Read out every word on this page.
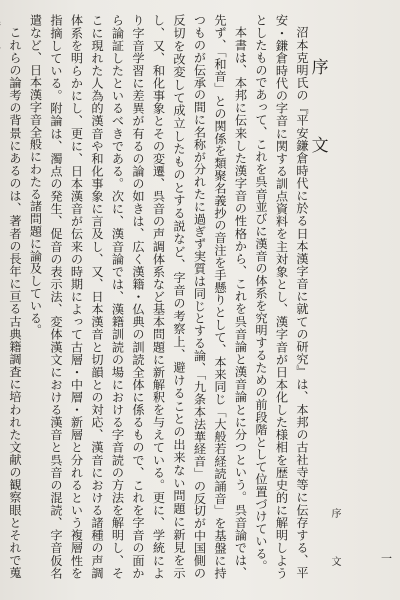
序　文

沼本克明氏の『平安鎌倉時代に於る日本漢字音に就ての研究』は、本邦の古社寺等に伝存する、平安・鎌倉時代の字音に関する訓点資料を主対象とし、漢字音が日本化した様相を歴史的に解明しようとしたものであって、これを呉音並びに漢音の体系を究明するための前段階として位置づけている。

本書は、本邦に伝来した漢字音の性格から、これを呉音論と漢音論とに分つという。呉音論では、先ず、「和音」との関係を類聚名義抄の音注を手懸りとして、本来同じ「大般若経読誦音」を基盤に持つものが伝承の間に名称が分れたに過ぎず実質は同じとする論、「九条本法華経音」の反切が中国側の反切を改変して成立したものとする説など、字音の考察上、避けることの出来ない問題に新見を示し、又、和化事象とその変遷、呉音の声調体系など基本問題に新解釈を与えている。更に、学統により字音学習に差異が有るの論の如きは、広く漢籍・仏典の訓読全体に係るもので、これを字音の面から論証したといるべきである。次に、漢音論では、漢籍訓読の場における字音読の方法を解明し、そこに現れた人為的漢音や和化事象に言及し、又、日本漢音と切韻との対応、漢音における諸種の声調体系を明らかにし、更に、日本漢音が伝来の時期によって古層・中層・新層と分れるという複層性を指摘している。附論は、濁点の発生、促音の表示法、変体漢文における漢音と呉音の混読、字音仮名遣など、日本漢字音全般にわたる諸問題に論及している。

これらの論考の背景にあるのは、著者の長年に亘る古典籍調査に培われた文献の観察眼とそれで蒐	序　文	一
